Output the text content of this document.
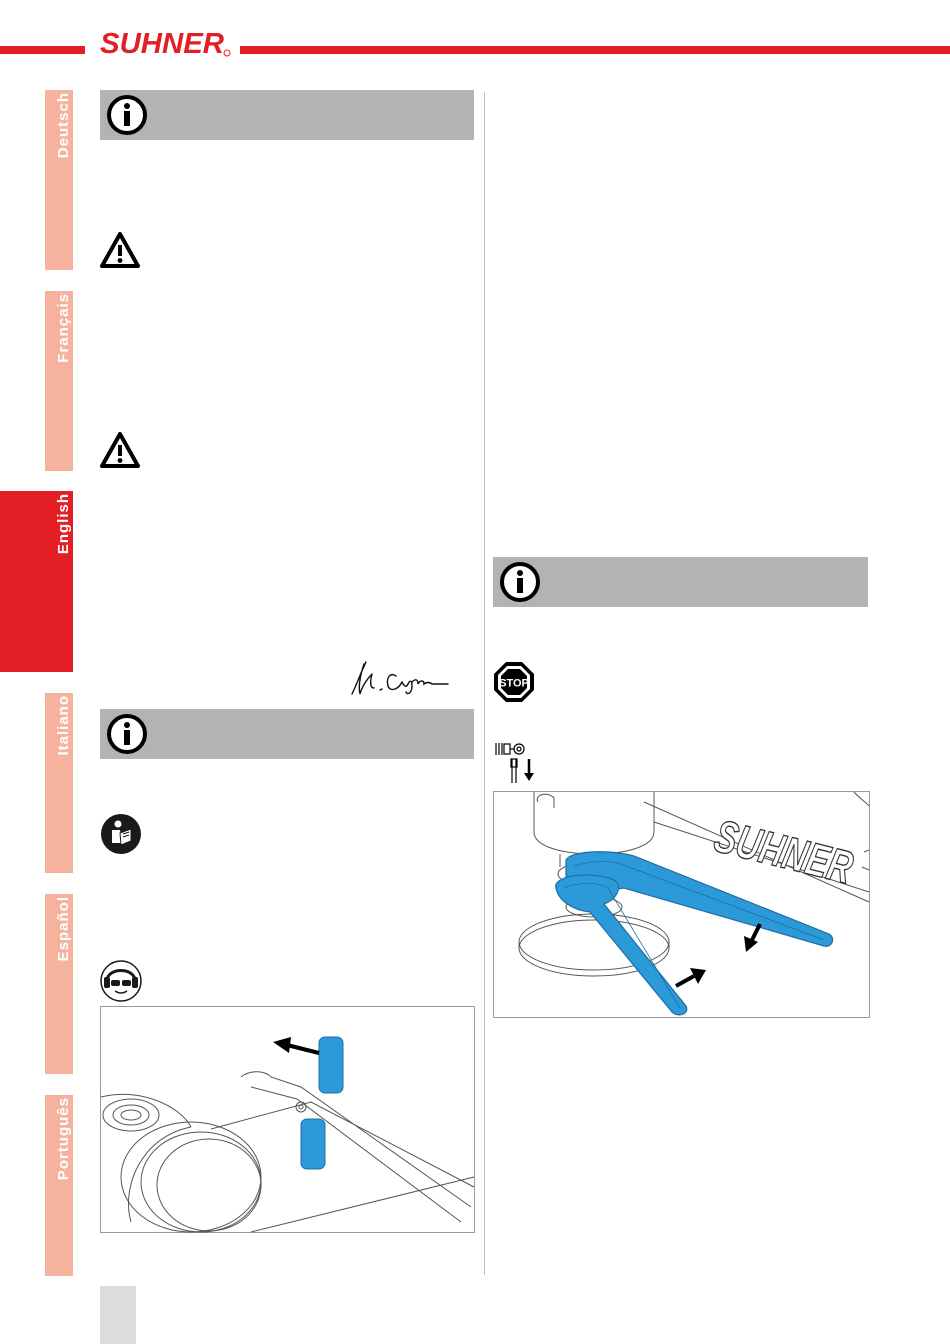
SUHNER
Deutsch
Français
English
Italiano
Español
Português
STOP
SUHNER
